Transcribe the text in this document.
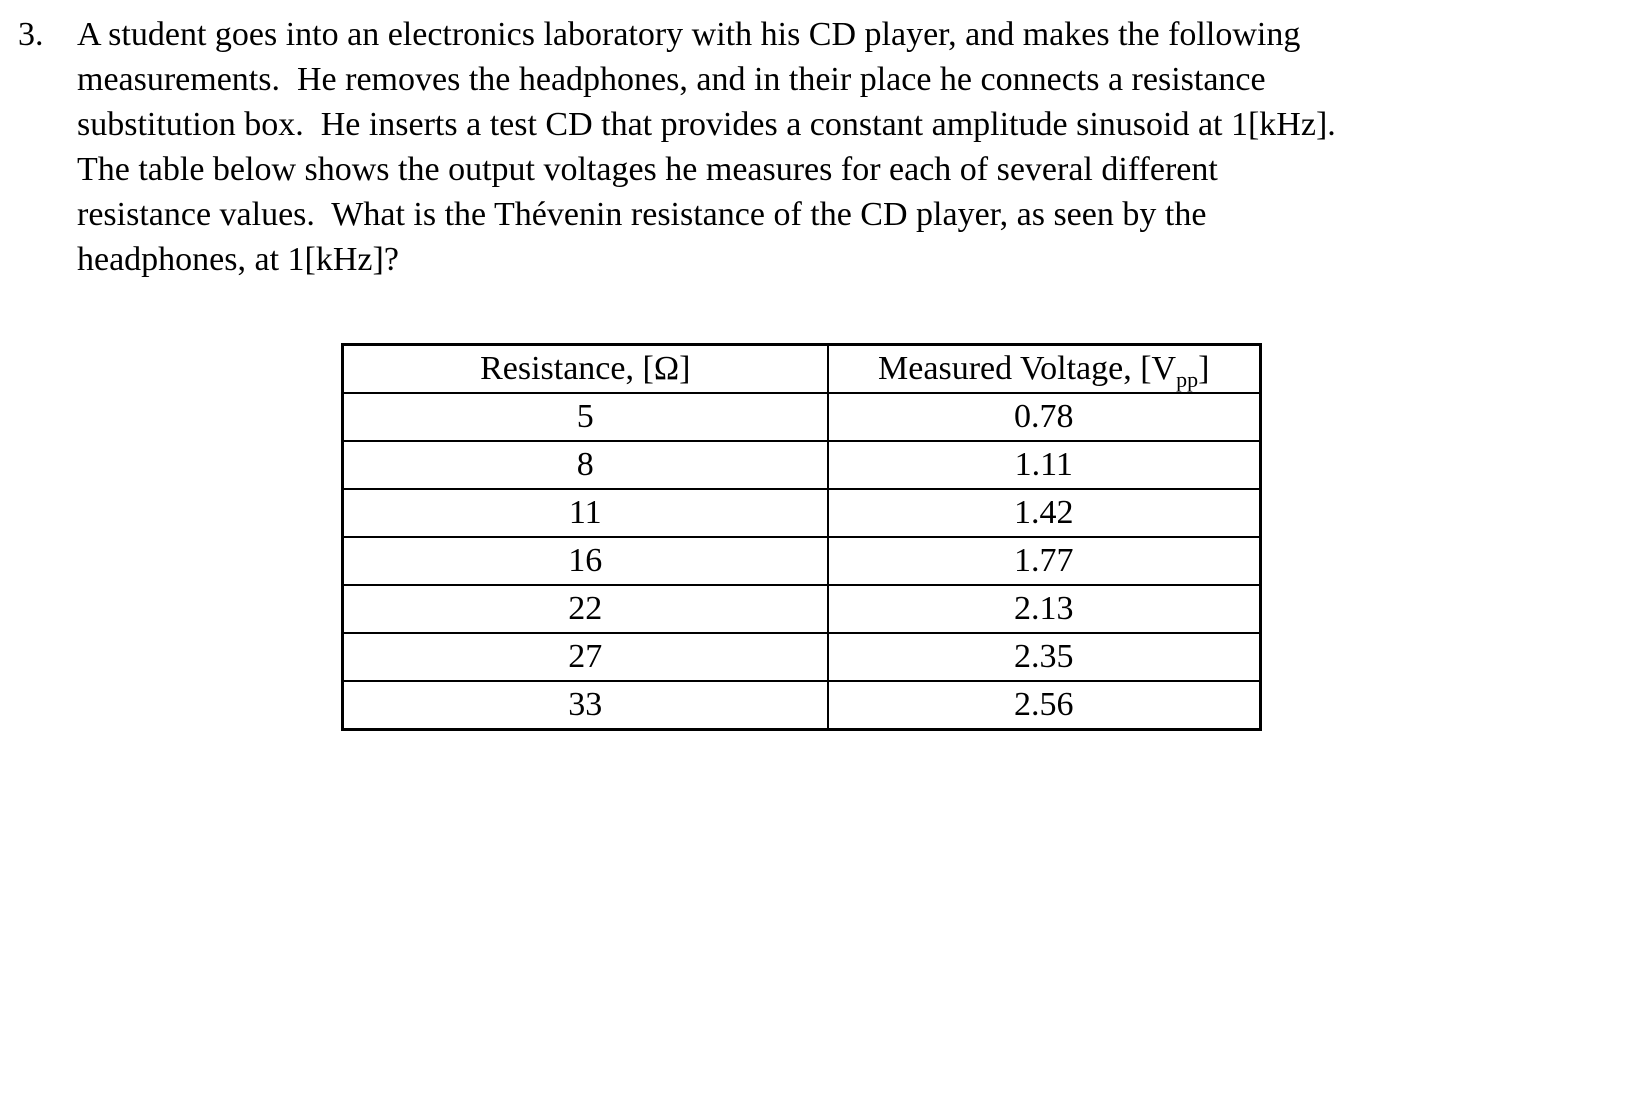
3. A student goes into an electronics laboratory with his CD player, and makes the following
measurements.  He removes the headphones, and in their place he connects a resistance
substitution box.  He inserts a test CD that provides a constant amplitude sinusoid at 1[kHz].
The table below shows the output voltages he measures for each of several different
resistance values.  What is the Thévenin resistance of the CD player, as seen by the
headphones, at 1[kHz]?
Resistance, [Ω]	Measured Voltage, $[V_{pp}]$
5	0.78
8	1.11
11	1.42
16	1.77
22	2.13
27	2.35
33	2.56
